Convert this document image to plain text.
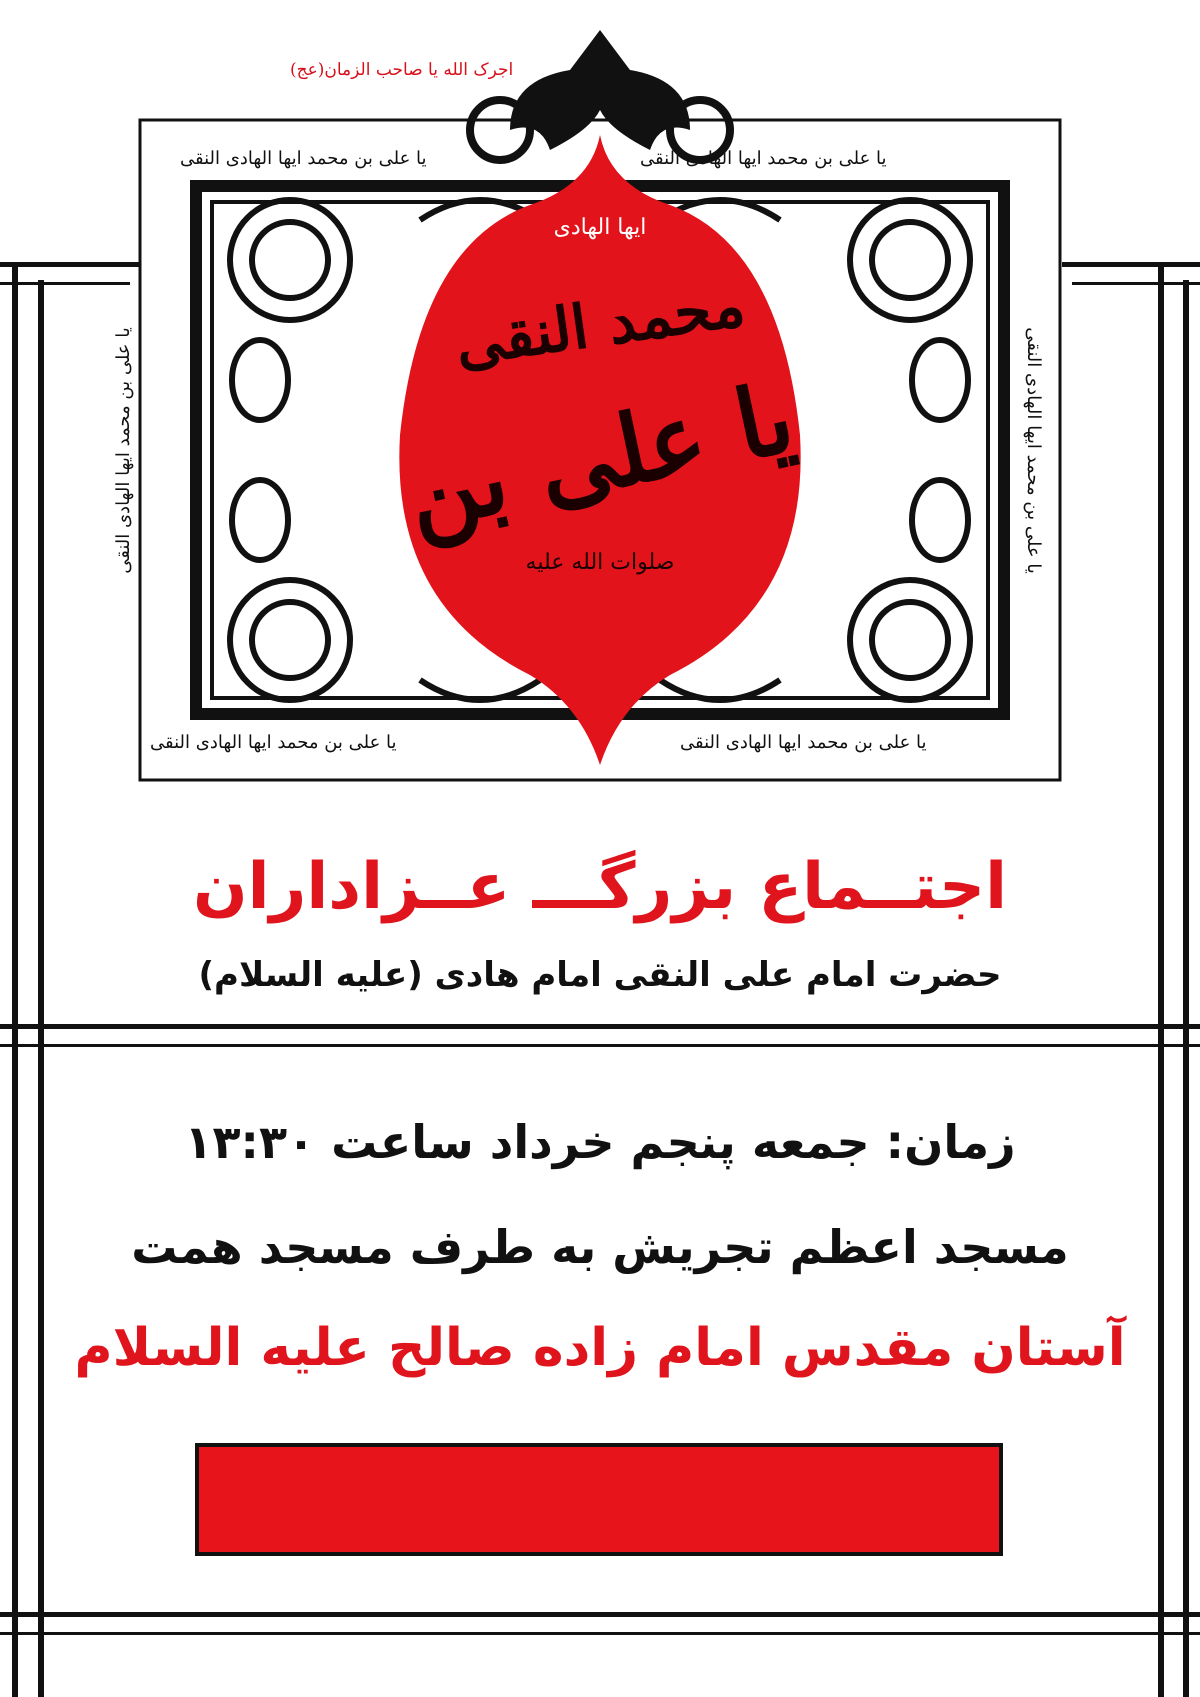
اجرک الله یا صاحب الزمان(عج)
یا علی بن محمد ایها الهادی النقی
یا علی بن محمد ایها الهادی النقی
یا علی بن محمد ایها الهادی النقی	یا علی بن محمد ایها الهادی النقی
یا علی بن محمد ایها الهادی النقی	یا علی بن محمد ایها الهادی النقی
ایها الهادی
محمد النقی
یا علی بن
صلوات الله علیه
اجتــماع بزرگـــ عــزاداران
حضرت امام علی النقی امام هادی (علیه السلام)
زمان: جمعه پنجم خرداد ساعت ۱۳:۳۰
مسجد اعظم تجریش به طرف مسجد همت
آستان مقدس امام زاده صالح علیه السلام
